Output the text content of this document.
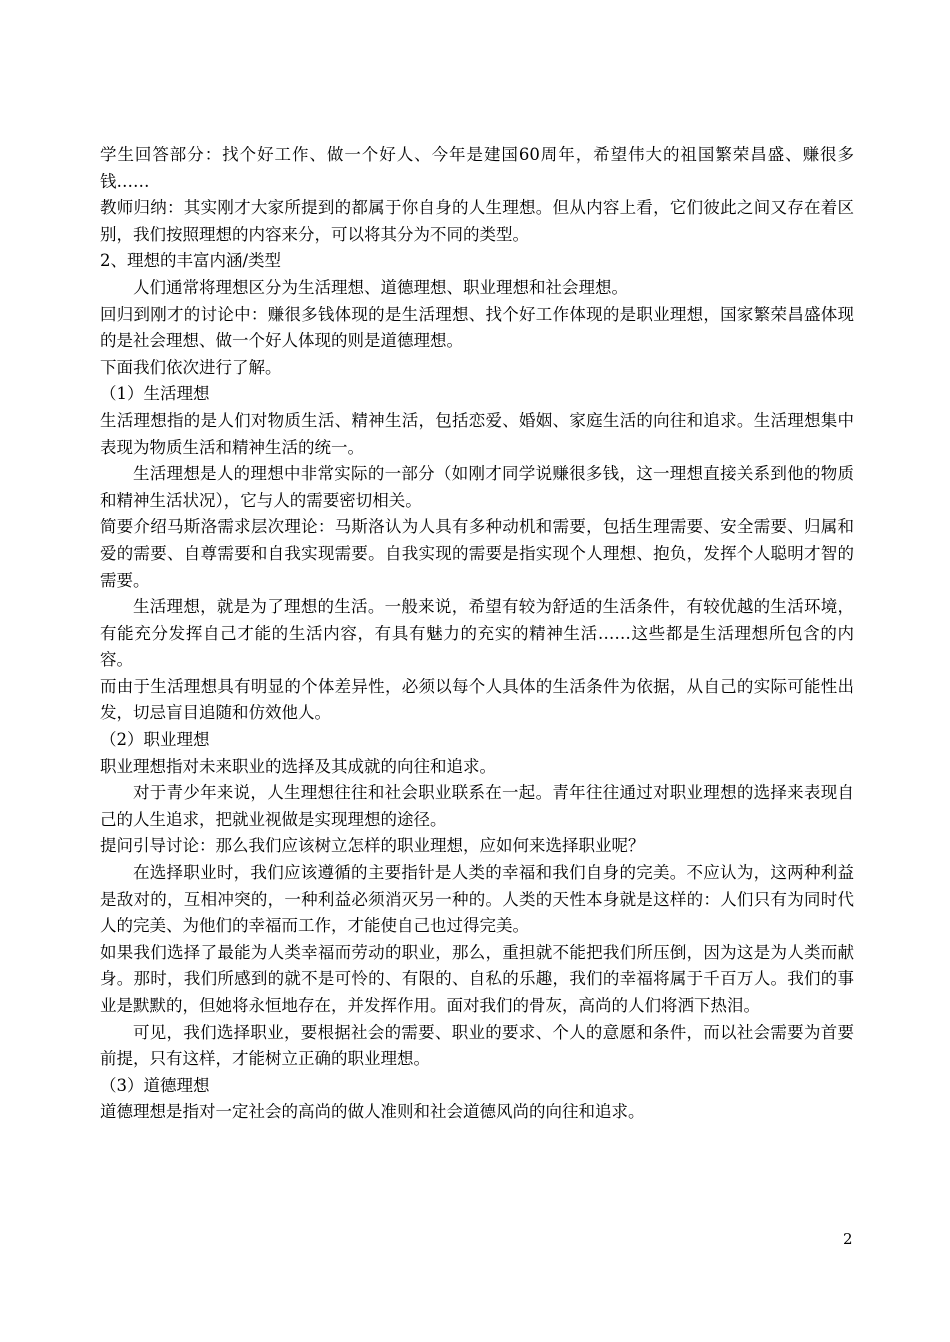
学生回答部分：找个好工作、做一个好人、今年是建国60周年，希望伟大的祖国繁荣昌盛、赚很多钱……

教师归纳：其实刚才大家所提到的都属于你自身的人生理想。但从内容上看，它们彼此之间又存在着区别，我们按照理想的内容来分，可以将其分为不同的类型。

2、理想的丰富内涵/类型

人们通常将理想区分为生活理想、道德理想、职业理想和社会理想。

回归到刚才的讨论中：赚很多钱体现的是生活理想、找个好工作体现的是职业理想，国家繁荣昌盛体现的是社会理想、做一个好人体现的则是道德理想。

下面我们依次进行了解。

（1）生活理想

生活理想指的是人们对物质生活、精神生活，包括恋爱、婚姻、家庭生活的向往和追求。生活理想集中表现为物质生活和精神生活的统一。

生活理想是人的理想中非常实际的一部分（如刚才同学说赚很多钱，这一理想直接关系到他的物质和精神生活状况），它与人的需要密切相关。

简要介绍马斯洛需求层次理论：马斯洛认为人具有多种动机和需要，包括生理需要、安全需要、归属和爱的需要、自尊需要和自我实现需要。自我实现的需要是指实现个人理想、抱负，发挥个人聪明才智的需要。

生活理想，就是为了理想的生活。一般来说，希望有较为舒适的生活条件，有较优越的生活环境，有能充分发挥自己才能的生活内容，有具有魅力的充实的精神生活……这些都是生活理想所包含的内容。

而由于生活理想具有明显的个体差异性，必须以每个人具体的生活条件为依据，从自己的实际可能性出发，切忌盲目追随和仿效他人。

（2）职业理想

职业理想指对未来职业的选择及其成就的向往和追求。

对于青少年来说，人生理想往往和社会职业联系在一起。青年往往通过对职业理想的选择来表现自己的人生追求，把就业视做是实现理想的途径。

提问引导讨论：那么我们应该树立怎样的职业理想，应如何来选择职业呢？

在选择职业时，我们应该遵循的主要指针是人类的幸福和我们自身的完美。不应认为，这两种利益是敌对的，互相冲突的，一种利益必须消灭另一种的。人类的天性本身就是这样的：人们只有为同时代人的完美、为他们的幸福而工作，才能使自己也过得完美。

如果我们选择了最能为人类幸福而劳动的职业，那么，重担就不能把我们所压倒，因为这是为人类而献身。那时，我们所感到的就不是可怜的、有限的、自私的乐趣，我们的幸福将属于千百万人。我们的事业是默默的，但她将永恒地存在，并发挥作用。面对我们的骨灰，高尚的人们将洒下热泪。

可见，我们选择职业，要根据社会的需要、职业的要求、个人的意愿和条件，而以社会需要为首要前提，只有这样，才能树立正确的职业理想。

（3）道德理想

道德理想是指对一定社会的高尚的做人准则和社会道德风尚的向往和追求。

2
